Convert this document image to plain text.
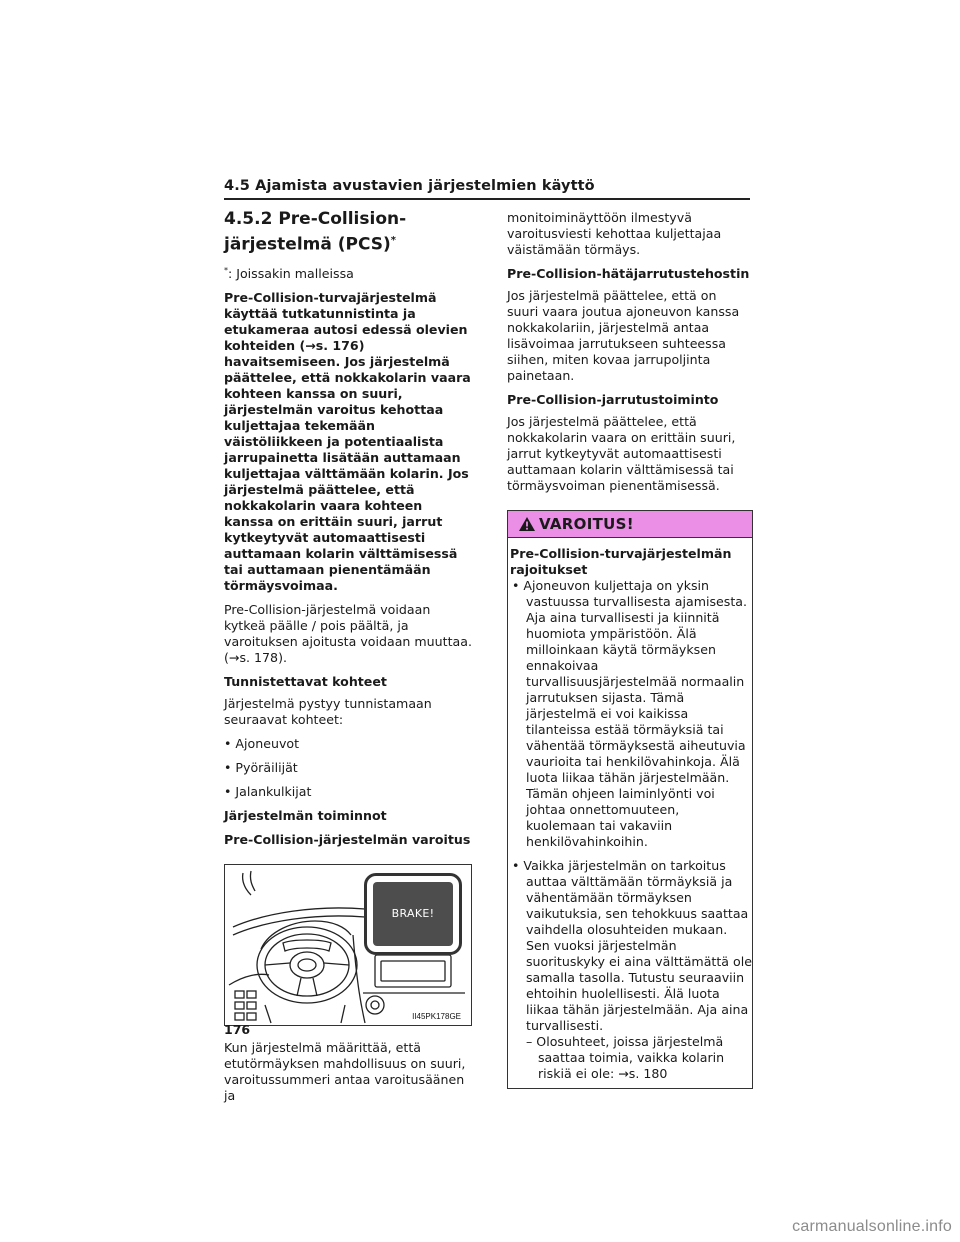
4.5 Ajamista avustavien järjestelmien käyttö

4.5.2 Pre-Collision-järjestelmä (PCS)*

*: Joissakin malleissa

Pre-Collision-turvajärjestelmä käyttää tutkatunnistinta ja etukameraa autosi edessä olevien kohteiden (→s. 176) havaitsemiseen. Jos järjestelmä päättelee, että nokkakolarin vaara kohteen kanssa on suuri, järjestelmän varoitus kehottaa kuljettajaa tekemään väistöliikkeen ja potentiaalista jarrupainetta lisätään auttamaan kuljettajaa välttämään kolarin. Jos järjestelmä päättelee, että nokkakolarin vaara kohteen kanssa on erittäin suuri, jarrut kytkeytyvät automaattisesti auttamaan kolarin välttämisessä tai auttamaan pienentämään törmäysvoimaa.

Pre-Collision-järjestelmä voidaan kytkeä päälle / pois päältä, ja varoituksen ajoitusta voidaan muuttaa. (→s. 178).

Tunnistettavat kohteet

Järjestelmä pystyy tunnistamaan seuraavat kohteet:

• Ajoneuvot

• Pyöräilijät

• Jalankulkijat

Järjestelmän toiminnot

Pre-Collision-järjestelmän varoitus

BRAKE!
II45PK178GE

Kun järjestelmä määrittää, että etutörmäyksen mahdollisuus on suuri, varoitussummeri antaa varoitusäänen ja

monitoiminäyttöön ilmestyvä varoitusviesti kehottaa kuljettajaa väistämään törmäys.

Pre-Collision-hätäjarrutustehostin

Jos järjestelmä päättelee, että on suuri vaara joutua ajoneuvon kanssa nokkakolariin, järjestelmä antaa lisävoimaa jarrutukseen suhteessa siihen, miten kovaa jarrupoljinta painetaan.

Pre-Collision-jarrutustoiminto

Jos järjestelmä päättelee, että nokkakolarin vaara on erittäin suuri, jarrut kytkeytyvät automaattisesti auttamaan kolarin välttämisessä tai törmäysvoiman pienentämisessä.

VAROITUS!

Pre-Collision-turvajärjestelmän rajoitukset

• Ajoneuvon kuljettaja on yksin vastuussa turvallisesta ajamisesta. Aja aina turvallisesti ja kiinnitä huomiota ympäristöön. Älä milloinkaan käytä törmäyksen ennakoivaa turvallisuusjärjestelmää normaalin jarrutuksen sijasta. Tämä järjestelmä ei voi kaikissa tilanteissa estää törmäyksiä tai vähentää törmäyksestä aiheutuvia vaurioita tai henkilövahinkoja. Älä luota liikaa tähän järjestelmään. Tämän ohjeen laiminlyönti voi johtaa onnettomuuteen, kuolemaan tai vakaviin henkilövahinkoihin.

• Vaikka järjestelmän on tarkoitus auttaa välttämään törmäyksiä ja vähentämään törmäyksen vaikutuksia, sen tehokkuus saattaa vaihdella olosuhteiden mukaan. Sen vuoksi järjestelmän suorituskyky ei aina välttämättä ole samalla tasolla. Tutustu seuraaviin ehtoihin huolellisesti. Älä luota liikaa tähän järjestelmään. Aja aina turvallisesti.

– Olosuhteet, joissa järjestelmä saattaa toimia, vaikka kolarin riskiä ei ole: →s. 180

176
carmanualsonline.info
